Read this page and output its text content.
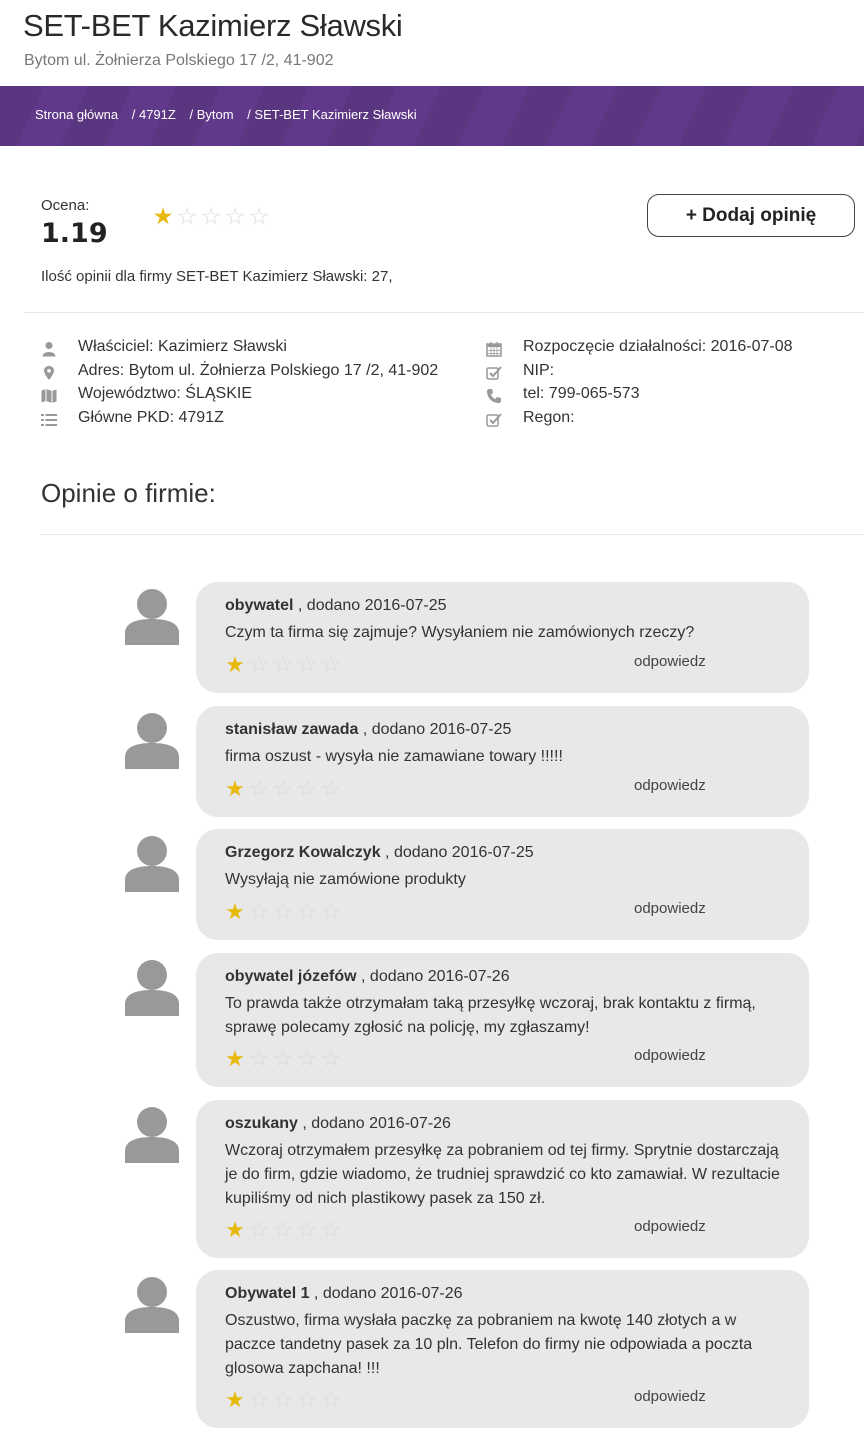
SET-BET Kazimierz Sławski
Bytom ul. Żołnierza Polskiego 17 /2, 41-902
Strona główna / 4791Z / Bytom / SET-BET Kazimierz Sławski
Ocena:
1.19
★ ☆ ☆ ☆ ☆	+ Dodaj opinię
Ilość opinii dla firmy SET-BET Kazimierz Sławski: 27,
Właściciel: Kazimierz Sławski
Adres: Bytom ul. Żołnierza Polskiego 17 /2, 41-902
Województwo: ŚLĄSKIE
Główne PKD: 4791Z
Rozpoczęcie działalności: 2016-07-08
NIP:
tel: 799-065-573
Regon:
Opinie o firmie:
obywatel , dodano 2016-07-25
Czym ta firma się zajmuje? Wysyłaniem nie zamówionych rzeczy?
★ ☆ ☆ ☆ ☆	odpowiedz
stanisław zawada , dodano 2016-07-25
firma oszust - wysyła nie zamawiane towary !!!!!
★ ☆ ☆ ☆ ☆	odpowiedz
Grzegorz Kowalczyk , dodano 2016-07-25
Wysyłają nie zamówione produkty
★ ☆ ☆ ☆ ☆	odpowiedz
obywatel józefów , dodano 2016-07-26
To prawda także otrzymałam taką przesyłkę wczoraj, brak kontaktu z firmą, sprawę polecamy zgłosić na policję, my zgłaszamy!
★ ☆ ☆ ☆ ☆	odpowiedz
oszukany , dodano 2016-07-26
Wczoraj otrzymałem przesyłkę za pobraniem od tej firmy. Sprytnie dostarczają je do firm, gdzie wiadomo, że trudniej sprawdzić co kto zamawiał. W rezultacie kupiliśmy od nich plastikowy pasek za 150 zł.
★ ☆ ☆ ☆ ☆	odpowiedz
Obywatel 1 , dodano 2016-07-26
Oszustwo, firma wysłała paczkę za pobraniem na kwotę 140 złotych a w paczce tandetny pasek za 10 pln. Telefon do firmy nie odpowiada a poczta glosowa zapchana! !!!
★ ☆ ☆ ☆ ☆	odpowiedz
